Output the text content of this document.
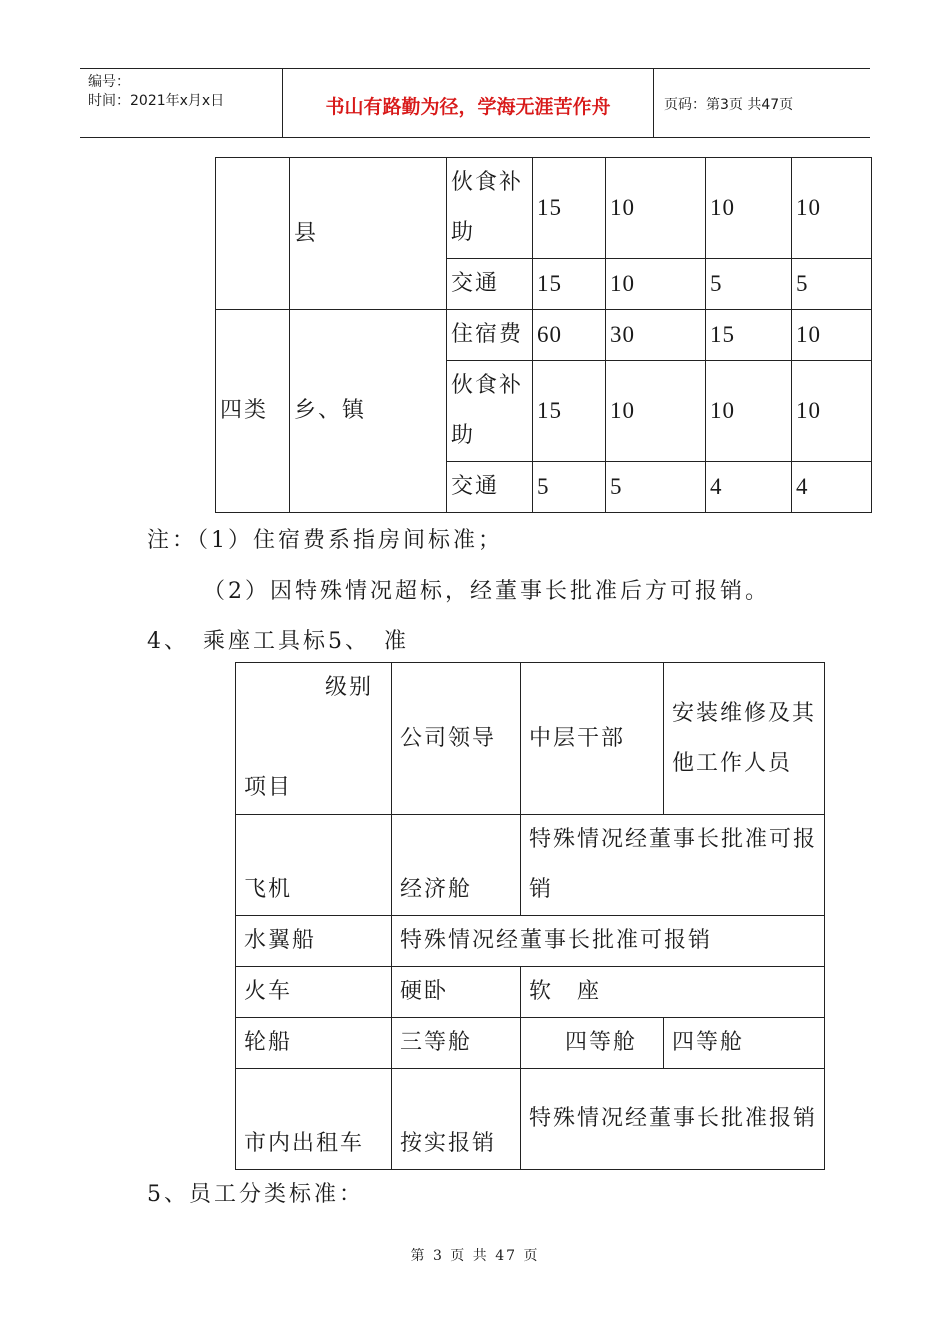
编号：
时间：2021年x月x日	书山有路勤为径，学海无涯苦作舟	页码：第3页 共47页
	县	伙食补助	15	10	10	10
		交通	15	10	5	5
四类	乡、镇	住宿费	60	30	15	10
		伙食补助	15	10	10	10
		交通	5	5	4	4
注：（1）住宿费系指房间标准；
（2）因特殊情况超标，经董事长批准后方可报销。
4、　乘座工具标5、　准
级别
项目	公司领导	中层干部	安装维修及其他工作人员
飞机	经济舱	特殊情况经董事长批准可报销	
水翼船	特殊情况经董事长批准可报销		
火车	硬卧	软　座	
轮船	三等舱	四等舱	四等舱
市内出租车	按实报销	特殊情况经董事长批准报销	
5、员工分类标准：
第 3 页 共 47 页
